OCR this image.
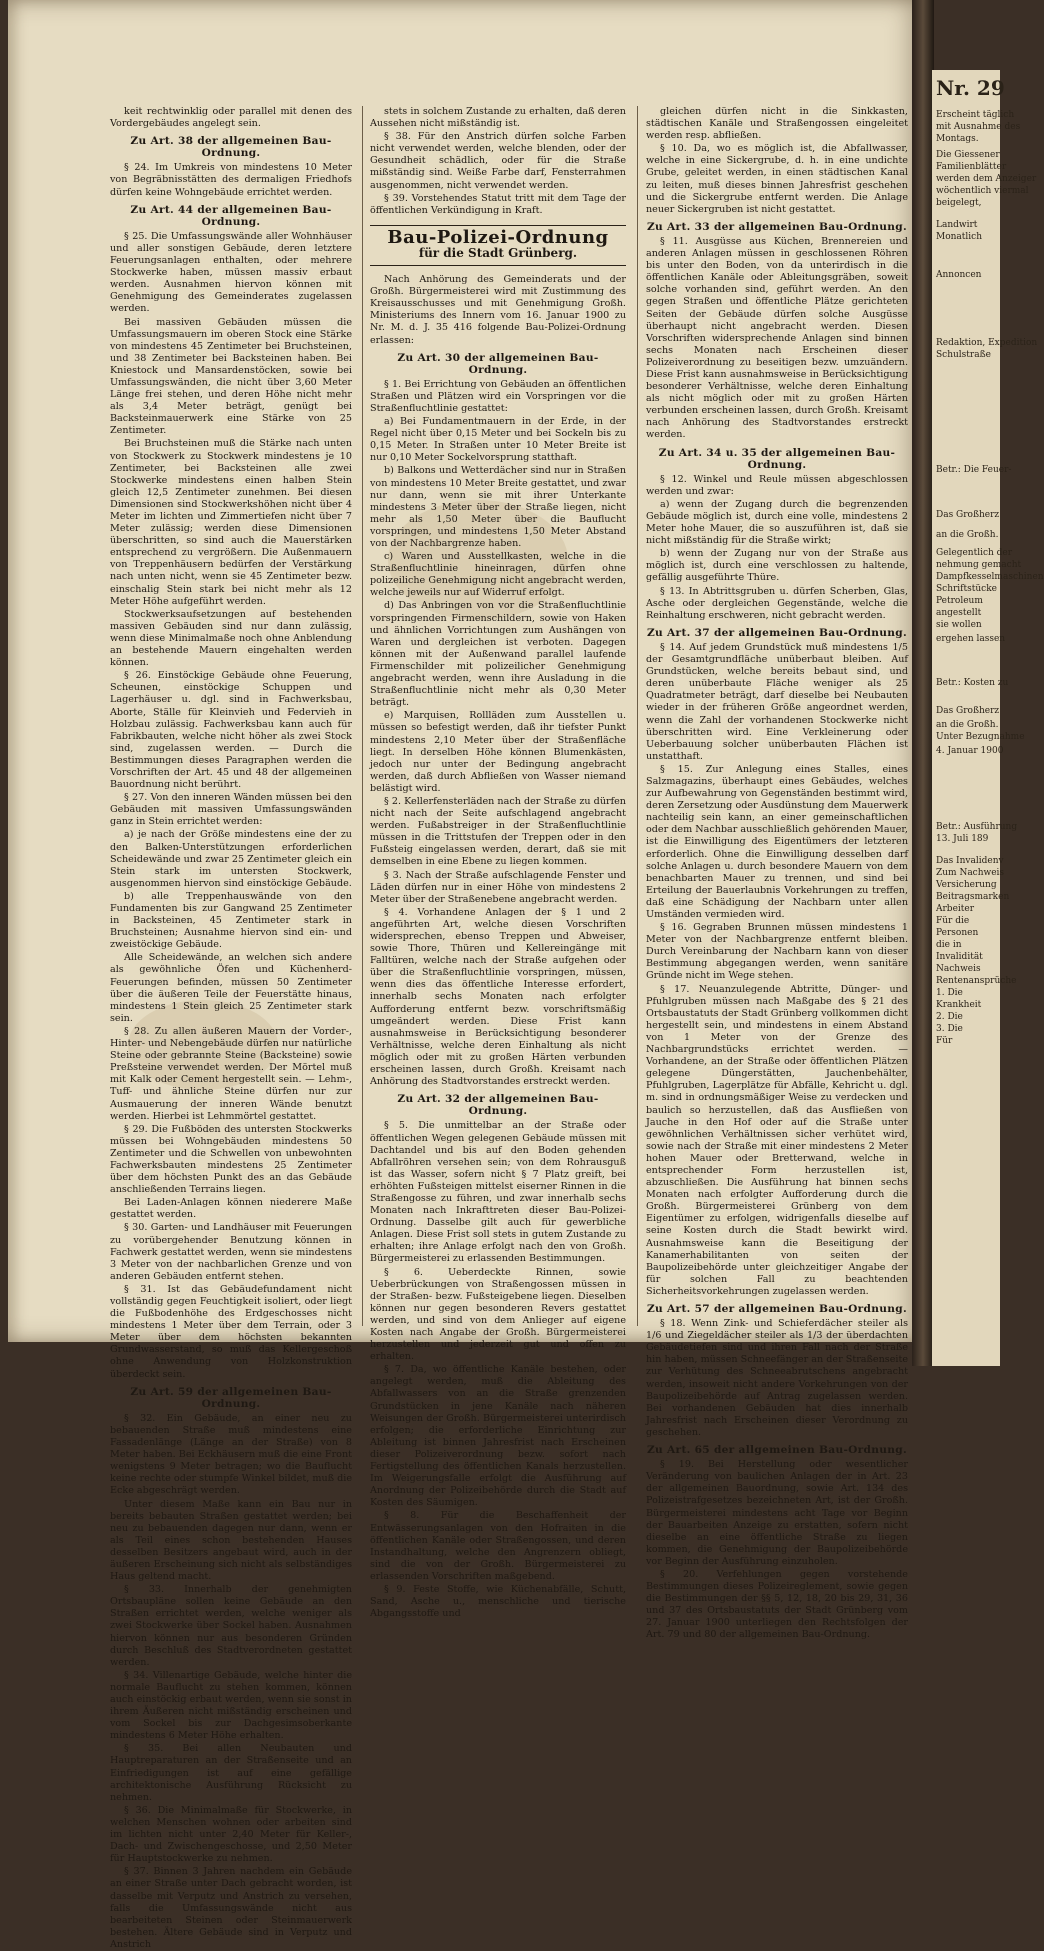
keit rechtwinklig oder parallel mit denen des Vordergebäudes angelegt sein.

Zu Art. 38 der allgemeinen Bau-Ordnung.

§ 24. Im Umkreis von mindestens 10 Meter von Begräbnisstätten des dermaligen Friedhofs dürfen keine Wohngebäude errichtet werden.

Zu Art. 44 der allgemeinen Bau-Ordnung.

§ 25. Die Umfassungswände aller Wohnhäuser und aller sonstigen Gebäude, deren letztere Feuerungsanlagen enthalten, oder mehrere Stockwerke haben, müssen massiv erbaut werden. Ausnahmen hiervon können mit Genehmigung des Gemeinderates zugelassen werden.

Bei massiven Gebäuden müssen die Umfassungsmauern im oberen Stock eine Stärke von mindestens 45 Zentimeter bei Bruchsteinen, und 38 Zentimeter bei Backsteinen haben. Bei Kniestock und Mansardenstöcken, sowie bei Umfassungswänden, die nicht über 3,60 Meter Länge frei stehen, und deren Höhe nicht mehr als 3,4 Meter beträgt, genügt bei Backsteinmauerwerk eine Stärke von 25 Zentimeter.

Bei Bruchsteinen muß die Stärke nach unten von Stockwerk zu Stockwerk mindestens je 10 Zentimeter, bei Backsteinen alle zwei Stockwerke mindestens einen halben Stein gleich 12,5 Zentimeter zunehmen. Bei diesen Dimensionen sind Stockwerkshöhen nicht über 4 Meter im lichten und Zimmertiefen nicht über 7 Meter zulässig; werden diese Dimensionen überschritten, so sind auch die Mauerstärken entsprechend zu vergrößern. Die Außenmauern von Treppenhäusern bedürfen der Verstärkung nach unten nicht, wenn sie 45 Zentimeter bezw. einschalig Stein stark bei nicht mehr als 12 Meter Höhe aufgeführt werden.

Stockwerksaufsetzungen auf bestehenden massiven Gebäuden sind nur dann zulässig, wenn diese Minimalmaße noch ohne Anblendung an bestehende Mauern eingehalten werden können.

§ 26. Einstöckige Gebäude ohne Feuerung, Scheunen, einstöckige Schuppen und Lagerhäuser u. dgl. sind in Fachwerksbau, Aborte, Ställe für Kleinvieh und Federvieh in Holzbau zulässig. Fachwerksbau kann auch für Fabrikbauten, welche nicht höher als zwei Stock sind, zugelassen werden. — Durch die Bestimmungen dieses Paragraphen werden die Vorschriften der Art. 45 und 48 der allgemeinen Bauordnung nicht berührt.

§ 27. Von den inneren Wänden müssen bei den Gebäuden mit massiven Umfassungswänden ganz in Stein errichtet werden:

a) je nach der Größe mindestens eine der zu den Balken-Unterstützungen erforderlichen Scheidewände und zwar 25 Zentimeter gleich ein Stein stark im untersten Stockwerk, ausgenommen hiervon sind einstöckige Gebäude.

b) alle Treppenhauswände von den Fundamenten bis zur Gangwand 25 Zentimeter in Backsteinen, 45 Zentimeter stark in Bruchsteinen; Ausnahme hiervon sind ein- und zweistöckige Gebäude.

Alle Scheidewände, an welchen sich andere als gewöhnliche Öfen und Küchenherd-Feuerungen befinden, müssen 50 Zentimeter über die äußeren Teile der Feuerstätte hinaus, mindestens 1 Stein gleich 25 Zentimeter stark sein.

§ 28. Zu allen äußeren Mauern der Vorder-, Hinter- und Nebengebäude dürfen nur natürliche Steine oder gebrannte Steine (Backsteine) sowie Preßsteine verwendet werden. Der Mörtel muß mit Kalk oder Cement hergestellt sein. — Lehm-, Tuff- und ähnliche Steine dürfen nur zur Ausmauerung der inneren Wände benutzt werden. Hierbei ist Lehmmörtel gestattet.

§ 29. Die Fußböden des untersten Stockwerks müssen bei Wohngebäuden mindestens 50 Zentimeter und die Schwellen von unbewohnten Fachwerksbauten mindestens 25 Zentimeter über dem höchsten Punkt des an das Gebäude anschließenden Terrains liegen.

Bei Laden-Anlagen können niederere Maße gestattet werden.

§ 30. Garten- und Landhäuser mit Feuerungen zu vorübergehender Benutzung können in Fachwerk gestattet werden, wenn sie mindestens 3 Meter von der nachbarlichen Grenze und von anderen Gebäuden entfernt stehen.

§ 31. Ist das Gebäudefundament nicht vollständig gegen Feuchtigkeit isoliert, oder liegt die Fußbodenhöhe des Erdgeschosses nicht mindestens 1 Meter über dem Terrain, oder 3 Meter über dem höchsten bekannten Grundwasserstand, so muß das Kellergeschoß ohne Anwendung von Holzkonstruktion überdeckt sein.

Zu Art. 59 der allgemeinen Bau-Ordnung.

§ 32. Ein Gebäude, an einer neu zu bebauenden Straße muß mindestens eine Fassadenlänge (Länge an der Straße) von 8 Meter haben. Bei Eckhäusern muß die eine Front wenigstens 9 Meter betragen; wo die Bauflucht keine rechte oder stumpfe Winkel bildet, muß die Ecke abgeschrägt werden.

Unter diesem Maße kann ein Bau nur in bereits bebauten Straßen gestattet werden; bei neu zu bebauenden dagegen nur dann, wenn er als Teil eines schon bestehenden Hauses desselben Besitzers angebaut wird, auch in der äußeren Erscheinung sich nicht als selbständiges Haus geltend macht.

§ 33. Innerhalb der genehmigten Ortsbaupläne sollen keine Gebäude an den Straßen errichtet werden, welche weniger als zwei Stockwerke über Sockel haben. Ausnahmen hiervon können nur aus besonderen Gründen durch Beschluß des Stadtverordneten gestattet werden.

§ 34. Villenartige Gebäude, welche hinter die normale Bauflucht zu stehen kommen, können auch einstöckig erbaut werden, wenn sie sonst in ihrem Äußeren nicht mißständig erscheinen und vom Sockel bis zur Dachgesimsoberkante mindestens 6 Meter Höhe erhalten.

§ 35. Bei allen Neubauten und Hauptreparaturen an der Straßenseite und an Einfriedigungen ist auf eine gefällige architektonische Ausführung Rücksicht zu nehmen.

§ 36. Die Minimalmaße für Stockwerke, in welchen Menschen wohnen oder arbeiten sind im lichten nicht unter 2,40 Meter für Keller-, Dach- und Zwischengeschosse, und 2,50 Meter für Hauptstockwerke zu nehmen.

§ 37. Binnen 3 Jahren nachdem ein Gebäude an einer Straße unter Dach gebracht worden, ist dasselbe mit Verputz und Anstrich zu versehen, falls die Umfassungswände nicht aus bearbeiteten Steinen oder Steinmauerwerk bestehen. Ältere Gebäude sind in Verputz und Anstrich

stets in solchem Zustande zu erhalten, daß deren Aussehen nicht mißständig ist.

§ 38. Für den Anstrich dürfen solche Farben nicht verwendet werden, welche blenden, oder der Gesundheit schädlich, oder für die Straße mißständig sind. Weiße Farbe darf, Fensterrahmen ausgenommen, nicht verwendet werden.

§ 39. Vorstehendes Statut tritt mit dem Tage der öffentlichen Verkündigung in Kraft.

Bau-Polizei-Ordnung
für die Stadt Grünberg.

Nach Anhörung des Gemeinderats und der Großh. Bürgermeisterei wird mit Zustimmung des Kreisausschusses und mit Genehmigung Großh. Ministeriums des Innern vom 16. Januar 1900 zu Nr. M. d. J. 35 416 folgende Bau-Polizei-Ordnung erlassen:

Zu Art. 30 der allgemeinen Bau-Ordnung.

§ 1. Bei Errichtung von Gebäuden an öffentlichen Straßen und Plätzen wird ein Vorspringen vor die Straßenfluchtlinie gestattet:

a) Bei Fundamentmauern in der Erde, in der Regel nicht über 0,15 Meter und bei Sockeln bis zu 0,15 Meter. In Straßen unter 10 Meter Breite ist nur 0,10 Meter Sockelvorsprung statthaft.

b) Balkons und Wetterdächer sind nur in Straßen von mindestens 10 Meter Breite gestattet, und zwar nur dann, wenn sie mit ihrer Unterkante mindestens 3 Meter über der Straße liegen, nicht mehr als 1,50 Meter über die Bauflucht vorspringen, und mindestens 1,50 Meter Abstand von der Nachbargrenze haben.

c) Waren und Ausstellkasten, welche in die Straßenfluchtlinie hineinragen, dürfen ohne polizeiliche Genehmigung nicht angebracht werden, welche jeweils nur auf Widerruf erfolgt.

d) Das Anbringen von vor die Straßenfluchtlinie vorspringenden Firmenschildern, sowie von Haken und ähnlichen Vorrichtungen zum Aushängen von Waren und dergleichen ist verboten. Dagegen können mit der Außenwand parallel laufende Firmenschilder mit polizeilicher Genehmigung angebracht werden, wenn ihre Ausladung in die Straßenfluchtlinie nicht mehr als 0,30 Meter beträgt.

e) Marquisen, Rollläden zum Ausstellen u. müssen so befestigt werden, daß ihr tiefster Punkt mindestens 2,10 Meter über der Straßenfläche liegt. In derselben Höhe können Blumenkästen, jedoch nur unter der Bedingung angebracht werden, daß durch Abfließen von Wasser niemand belästigt wird.

§ 2. Kellerfensterläden nach der Straße zu dürfen nicht nach der Seite aufschlagend angebracht werden. Fußabstreiger in der Straßenfluchtlinie müssen in die Trittstufen der Treppen oder in den Fußsteig eingelassen werden, derart, daß sie mit demselben in eine Ebene zu liegen kommen.

§ 3. Nach der Straße aufschlagende Fenster und Läden dürfen nur in einer Höhe von mindestens 2 Meter über der Straßenebene angebracht werden.

§ 4. Vorhandene Anlagen der § 1 und 2 angeführten Art, welche diesen Vorschriften widersprechen, ebenso Treppen und Abweiser, sowie Thore, Thüren und Kellereingänge mit Falltüren, welche nach der Straße aufgehen oder über die Straßenfluchtlinie vorspringen, müssen, wenn dies das öffentliche Interesse erfordert, innerhalb sechs Monaten nach erfolgter Aufforderung entfernt bezw. vorschriftsmäßig umgeändert werden. Diese Frist kann ausnahmsweise in Berücksichtigung besonderer Verhältnisse, welche deren Einhaltung als nicht möglich oder mit zu großen Härten verbunden erscheinen lassen, durch Großh. Kreisamt nach Anhörung des Stadtvorstandes erstreckt werden.

Zu Art. 32 der allgemeinen Bau-Ordnung.

§ 5. Die unmittelbar an der Straße oder öffentlichen Wegen gelegenen Gebäude müssen mit Dachtandel und bis auf den Boden gehenden Abfallröhren versehen sein; von dem Rohrausguß ist das Wasser, sofern nicht § 7 Platz greift, bei erhöhten Fußsteigen mittelst eiserner Rinnen in die Straßengosse zu führen, und zwar innerhalb sechs Monaten nach Inkrafttreten dieser Bau-Polizei-Ordnung. Dasselbe gilt auch für gewerbliche Anlagen. Diese Frist soll stets in gutem Zustande zu erhalten; ihre Anlage erfolgt nach den von Großh. Bürgermeisterei zu erlassenden Bestimmungen.

§ 6. Ueberdeckte Rinnen, sowie Ueberbrückungen von Straßengossen müssen in der Straßen- bezw. Fußsteigebene liegen. Dieselben können nur gegen besonderen Revers gestattet werden, und sind von dem Anlieger auf eigene Kosten nach Angabe der Großh. Bürgermeisterei herzustellen und jederzeit gut und offen zu erhalten.

§ 7. Da, wo öffentliche Kanäle bestehen, oder angelegt werden, muß die Ableitung des Abfallwassers von an die Straße grenzenden Grundstücken in jene Kanäle nach näheren Weisungen der Großh. Bürgermeisterei unterirdisch erfolgen; die erforderliche Einrichtung zur Ableitung ist binnen Jahresfrist nach Erscheinen dieser Polizeiverordnung bezw. sofort nach Fertigstellung des öffentlichen Kanals herzustellen. Im Weigerungsfalle erfolgt die Ausführung auf Anordnung der Polizeibehörde durch die Stadt auf Kosten des Säumigen.

§ 8. Für die Beschaffenheit der Entwässerungsanlagen von den Hofraiten in die öffentlichen Kanäle oder Straßengossen, und deren Instandhaltung, welche den Angrenzern obliegt, sind die von der Großh. Bürgermeisterei zu erlassenden Vorschriften maßgebend.

§ 9. Feste Stoffe, wie Küchenabfälle, Schutt, Sand, Asche u., menschliche und tierische Abgangsstoffe und

gleichen dürfen nicht in die Sinkkasten, städtischen Kanäle und Straßengossen eingeleitet werden resp. abfließen.

§ 10. Da, wo es möglich ist, die Abfallwasser, welche in eine Sickergrube, d. h. in eine undichte Grube, geleitet werden, in einen städtischen Kanal zu leiten, muß dieses binnen Jahresfrist geschehen und die Sickergrube entfernt werden. Die Anlage neuer Sickergruben ist nicht gestattet.

Zu Art. 33 der allgemeinen Bau-Ordnung.

§ 11. Ausgüsse aus Küchen, Brennereien und anderen Anlagen müssen in geschlossenen Röhren bis unter den Boden, von da unterirdisch in die öffentlichen Kanäle oder Ableitungsgräben, soweit solche vorhanden sind, geführt werden. An den gegen Straßen und öffentliche Plätze gerichteten Seiten der Gebäude dürfen solche Ausgüsse überhaupt nicht angebracht werden. Diesen Vorschriften widersprechende Anlagen sind binnen sechs Monaten nach Erscheinen dieser Polizeiverordnung zu beseitigen bezw. umzuändern. Diese Frist kann ausnahmsweise in Berücksichtigung besonderer Verhältnisse, welche deren Einhaltung als nicht möglich oder mit zu großen Härten verbunden erscheinen lassen, durch Großh. Kreisamt nach Anhörung des Stadtvorstandes erstreckt werden.

Zu Art. 34 u. 35 der allgemeinen Bau-Ordnung.

§ 12. Winkel und Reule müssen abgeschlossen werden und zwar:

a) wenn der Zugang durch die begrenzenden Gebäude möglich ist, durch eine volle, mindestens 2 Meter hohe Mauer, die so auszuführen ist, daß sie nicht mißständig für die Straße wirkt;

b) wenn der Zugang nur von der Straße aus möglich ist, durch eine verschlossen zu haltende, gefällig ausgeführte Thüre.

§ 13. In Abtrittsgruben u. dürfen Scherben, Glas, Asche oder dergleichen Gegenstände, welche die Reinhaltung erschweren, nicht gebracht werden.

Zu Art. 37 der allgemeinen Bau-Ordnung.

§ 14. Auf jedem Grundstück muß mindestens 1/5 der Gesamtgrundfläche unüberbaut bleiben. Auf Grundstücken, welche bereits bebaut sind, und deren unüberbaute Fläche weniger als 25 Quadratmeter beträgt, darf dieselbe bei Neubauten wieder in der früheren Größe angeordnet werden, wenn die Zahl der vorhandenen Stockwerke nicht überschritten wird. Eine Verkleinerung oder Ueberbauung solcher unüberbauten Flächen ist unstatthaft.

§ 15. Zur Anlegung eines Stalles, eines Salzmagazins, überhaupt eines Gebäudes, welches zur Aufbewahrung von Gegenständen bestimmt wird, deren Zersetzung oder Ausdünstung dem Mauerwerk nachteilig sein kann, an einer gemeinschaftlichen oder dem Nachbar ausschließlich gehörenden Mauer, ist die Einwilligung des Eigentümers der letzteren erforderlich. Ohne die Einwilligung desselben darf solche Anlagen u. durch besondere Mauern von dem benachbarten Mauer zu trennen, und sind bei Erteilung der Bauerlaubnis Vorkehrungen zu treffen, daß eine Schädigung der Nachbarn unter allen Umständen vermieden wird.

§ 16. Gegraben Brunnen müssen mindestens 1 Meter von der Nachbargrenze entfernt bleiben. Durch Vereinbarung der Nachbarn kann von dieser Bestimmung abgegangen werden, wenn sanitäre Gründe nicht im Wege stehen.

§ 17. Neuanzulegende Abtritte, Dünger- und Pfuhlgruben müssen nach Maßgabe des § 21 des Ortsbaustatuts der Stadt Grünberg vollkommen dicht hergestellt sein, und mindestens in einem Abstand von 1 Meter von der Grenze des Nachbargrundstücks errichtet werden. — Vorhandene, an der Straße oder öffentlichen Plätzen gelegene Düngerstätten, Jauchenbehälter, Pfuhlgruben, Lagerplätze für Abfälle, Kehricht u. dgl. m. sind in ordnungsmäßiger Weise zu verdecken und baulich so herzustellen, daß das Ausfließen von Jauche in den Hof oder auf die Straße unter gewöhnlichen Verhältnissen sicher verhütet wird, sowie nach der Straße mit einer mindestens 2 Meter hohen Mauer oder Bretterwand, welche in entsprechender Form herzustellen ist, abzuschließen. Die Ausführung hat binnen sechs Monaten nach erfolgter Aufforderung durch die Großh. Bürgermeisterei Grünberg von dem Eigentümer zu erfolgen, widrigenfalls dieselbe auf seine Kosten durch die Stadt bewirkt wird. Ausnahmsweise kann die Beseitigung der Kanamerhabilitanten von seiten der Baupolizeibehörde unter gleichzeitiger Angabe der für solchen Fall zu beachtenden Sicherheitsvorkehrungen zugelassen werden.

Zu Art. 57 der allgemeinen Bau-Ordnung.

§ 18. Wenn Zink- und Schieferdächer steiler als 1/6 und Ziegeldächer steiler als 1/3 der überdachten Gebäudetiefen sind und ihren Fall nach der Straße hin haben, müssen Schneefänger an der Straßenseite zur Verhütung des Schneeabrutschens angebracht werden, insoweit nicht andere Vorkehrungen von der Baupolizeibehörde auf Antrag zugelassen werden. Bei vorhandenen Gebäuden hat dies innerhalb Jahresfrist nach Erscheinen dieser Verordnung zu geschehen.

Zu Art. 65 der allgemeinen Bau-Ordnung.

§ 19. Bei Herstellung oder wesentlicher Veränderung von baulichen Anlagen der in Art. 23 der allgemeinen Bauordnung, sowie Art. 134 des Polizeistrafgesetzes bezeichneten Art, ist der Großh. Bürgermeisterei mindestens acht Tage vor Beginn der Bauarbeiten Anzeige zu erstatten, sofern nicht dieselbe an eine öffentliche Straße zu liegen kommen, die Genehmigung der Baupolizeibehörde vor Beginn der Ausführung einzuholen.

§ 20. Verfehlungen gegen vorstehende Bestimmungen dieses Polizeireglement, sowie gegen die Bestimmungen der §§ 5, 12, 18, 20 bis 29, 31, 36 und 37 des Ortsbaustatuts der Stadt Grünberg vom 27. Januar 1900 unterliegen den Rechtsfolgen der Art. 79 und 80 der allgemeinen Bau-Ordnung.

Nr. 29
Erscheint täglich
mit Ausnahme des
Montags.
Die Giessener
Familienblätter
werden dem Anzeiger
wöchentlich viermal
beigelegt,
Landwirt
Monatlich
Annoncen
Redaktion, Expedition
Schulstraße
Betr.: Die Feuer-
Das Großherz
an die Großh.
Gelegentlich der
nehmung gemacht
Dampfkesselmaschinen
Schriftstücke
Petroleum
angestellt
sie wollen
ergehen lassen
Betr.: Kosten zu
Das Großherz
an die Großh.
Unter Bezugnahme
4. Januar 1900
Betr.: Ausführung
13. Juli 189
Das Invalidenv
Zum Nachweis
Versicherung
Beitragsmarken
Arbeiter
Für die
Personen
die in
Invalidität
Nachweis
Rentenansprüche
1. Die
Krankheit
2. Die
3. Die
Für
